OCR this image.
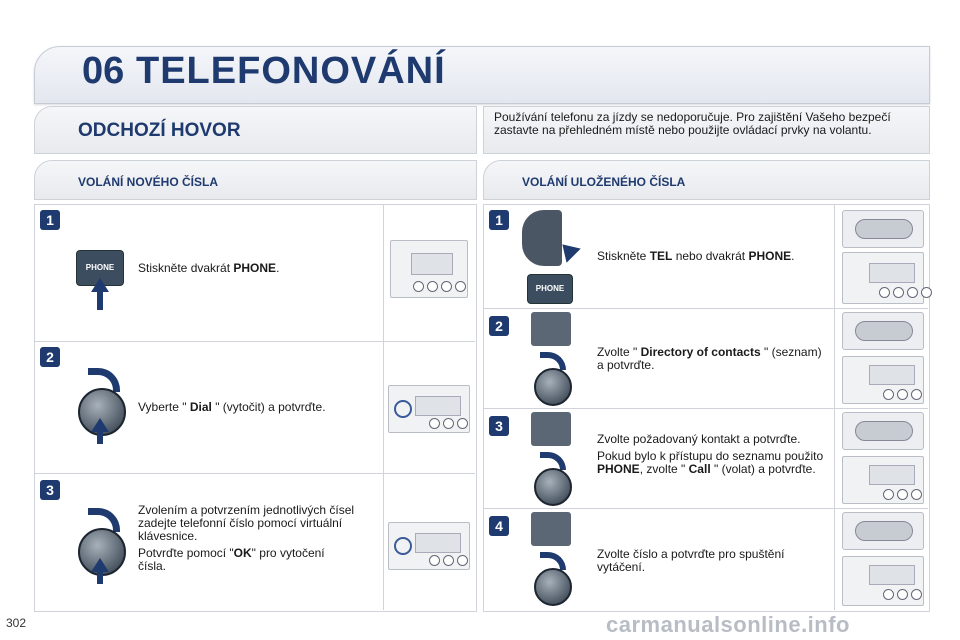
06 TELEFONOVÁNÍ
ODCHOZÍ HOVOR
Používání telefonu za jízdy se nedoporučuje. Pro zajištění Vašeho bezpečí zastavte na přehledném místě nebo použijte ovládací prvky na volantu.
VOLÁNÍ NOVÉHO ČÍSLA	VOLÁNÍ ULOŽENÉHO ČÍSLA
1
PHONE	Stiskněte dvakrát PHONE.
2
Vyberte " Dial " (vytočit) a potvrďte.
3
Zvolením a potvrzením jednotlivých čísel zadejte telefonní číslo pomocí virtuální klávesnice.
Potvrďte pomocí "OK" pro vytočení čísla.
1
PHONE
Stiskněte TEL nebo dvakrát PHONE.
2
Zvolte " Directory of contacts " (seznam) a potvrďte.
3
Zvolte požadovaný kontakt a potvrďte.
Pokud bylo k přístupu do seznamu použito PHONE, zvolte " Call " (volat) a potvrďte.
4
Zvolte číslo a potvrďte pro spuštění vytáčení.
302	carmanualsonline.info
